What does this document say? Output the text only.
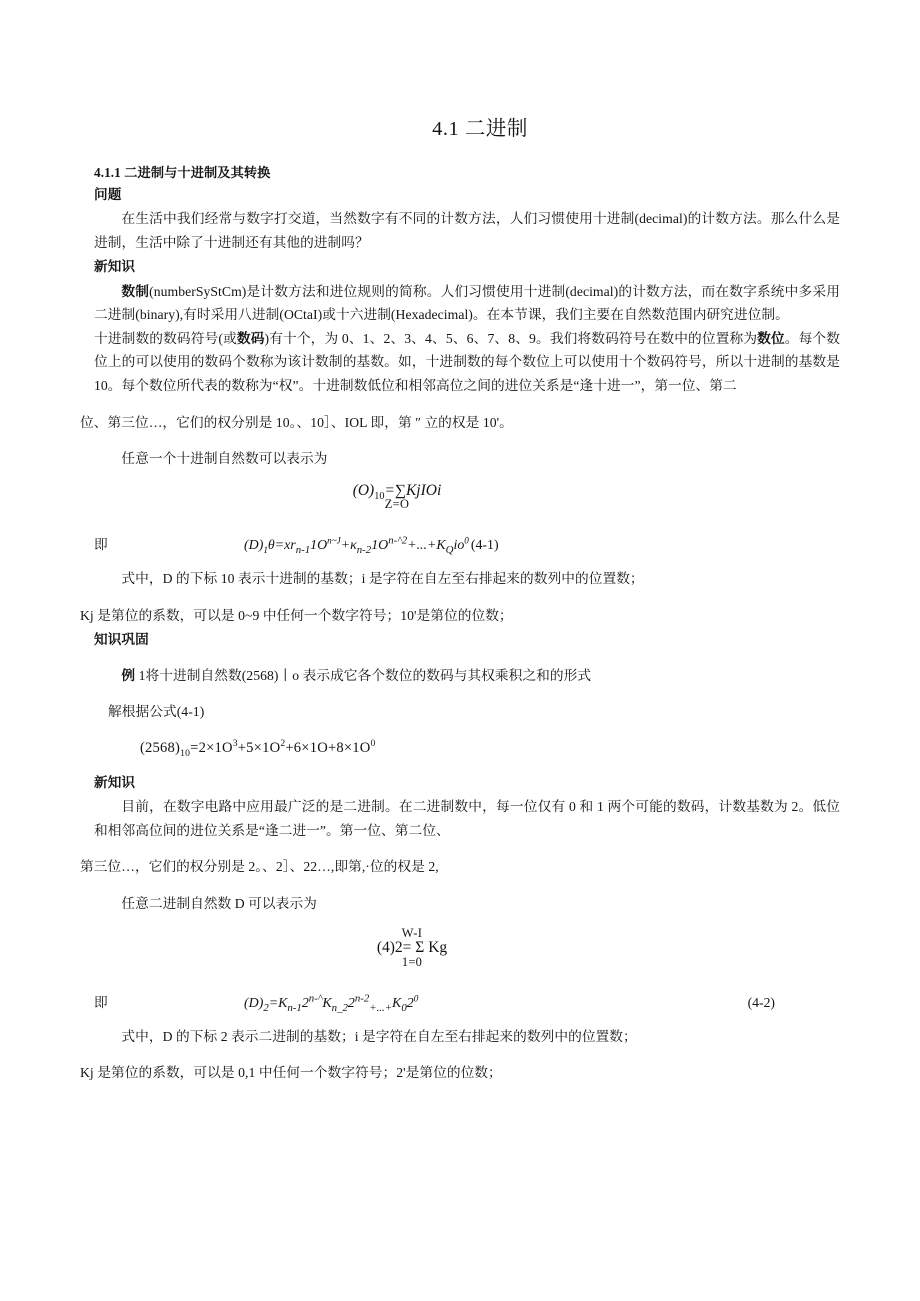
4.1 二进制
4.1.1 二进制与十进制及其转换
问题

在生活中我们经常与数字打交道，当然数字有不同的计数方法，人们习惯使用十进制(decimal)的计数方法。那么什么是进制，生活中除了十进制还有其他的进制吗？

新知识

数制(numberSyStCm)是计数方法和进位规则的简称。人们习惯使用十进制(decimal)的计数方法，而在数字系统中多采用二进制(binary),有时采用八进制(OCtaI)或十六进制(Hexadecimal)。在本节课，我们主要在自然数范围内研究进位制。

十进制数的数码符号(或数码)有十个，为 0、1、2、3、4、5、6、7、8、9。我们将数码符号在数中的位置称为数位。每个数位上的可以使用的数码个数称为该计数制的基数。如，十进制数的每个数位上可以使用十个数码符号，所以十进制的基数是 10。每个数位所代表的数称为“权”。十进制数低位和相邻高位之间的进位关系是“逢十进一”，第一位、第二

位、第三位…，它们的权分别是 10。、10］、IOL 即，第 ″ 立的权是 10'。

任意一个十进制自然数可以表示为

$(O)_{10}=\sum KjIOi$
Z=O
即	$(D)_1\theta=xr_{n-1}1O^{n\sim J}+\kappa_{n-2}1O^{n-\^{}2}+...+K_Qio^0$ (4-1)

式中，D 的下标 10 表示十进制的基数；i 是字符在自左至右排起来的数列中的位置数；

Kj 是第位的系数，可以是 0~9 中任何一个数字符号；10'是第位的位数；

知识巩固

例 1将十进制自然数(2568)丨o 表示成它各个数位的数码与其权乘积之和的形式

解根据公式(4-1)

$(2568)_{10}=2\times 1O^3+5\times 1O^2+6\times 1O+8\times 1O^0$
新知识

目前，在数字电路中应用最广泛的是二进制。在二进制数中，每一位仅有 0 和 1 两个可能的数码，计数基数为 2。低位和相邻高位间的进位关系是“逢二进一”。第一位、第二位、

第三位…，它们的权分别是 2。、2］、22…,即第,·位的权是 2,

任意二进制自然数 D 可以表示为

W-I
(4)2= Σ Kg
1=0
即	$(D)_2=K_{n-1}2^{n-\^{}}K_{n\_2}2^{n-2}_{+...+}K_02^0$	(4-2)

式中，D 的下标 2 表示二进制的基数；i 是字符在自左至右排起来的数列中的位置数；

Kj 是第位的系数，可以是 0,1 中任何一个数字符号；2'是第位的位数；
